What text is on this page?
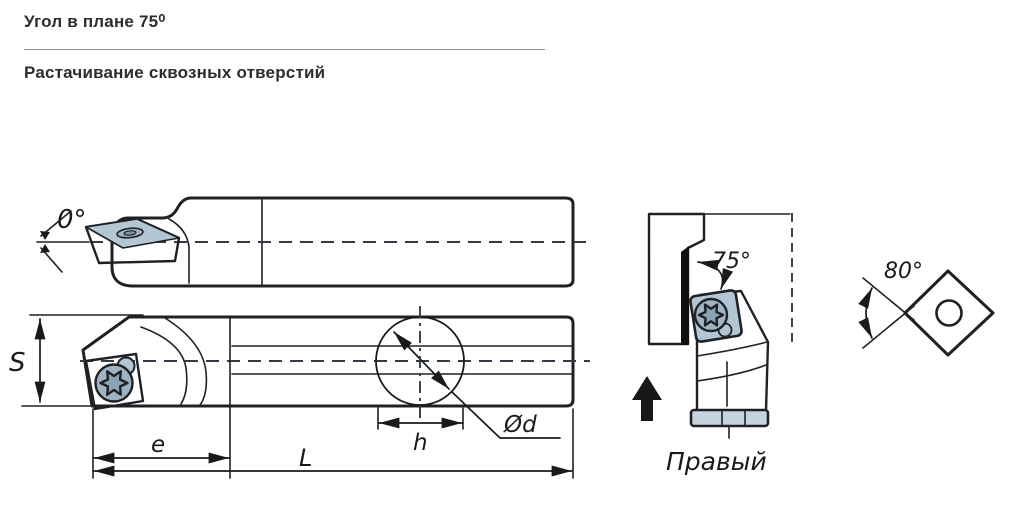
Угол в плане 75⁰
Растачивание сквозных отверстий
0°
S
e	L
h
Ød
75°
Правый
80°
